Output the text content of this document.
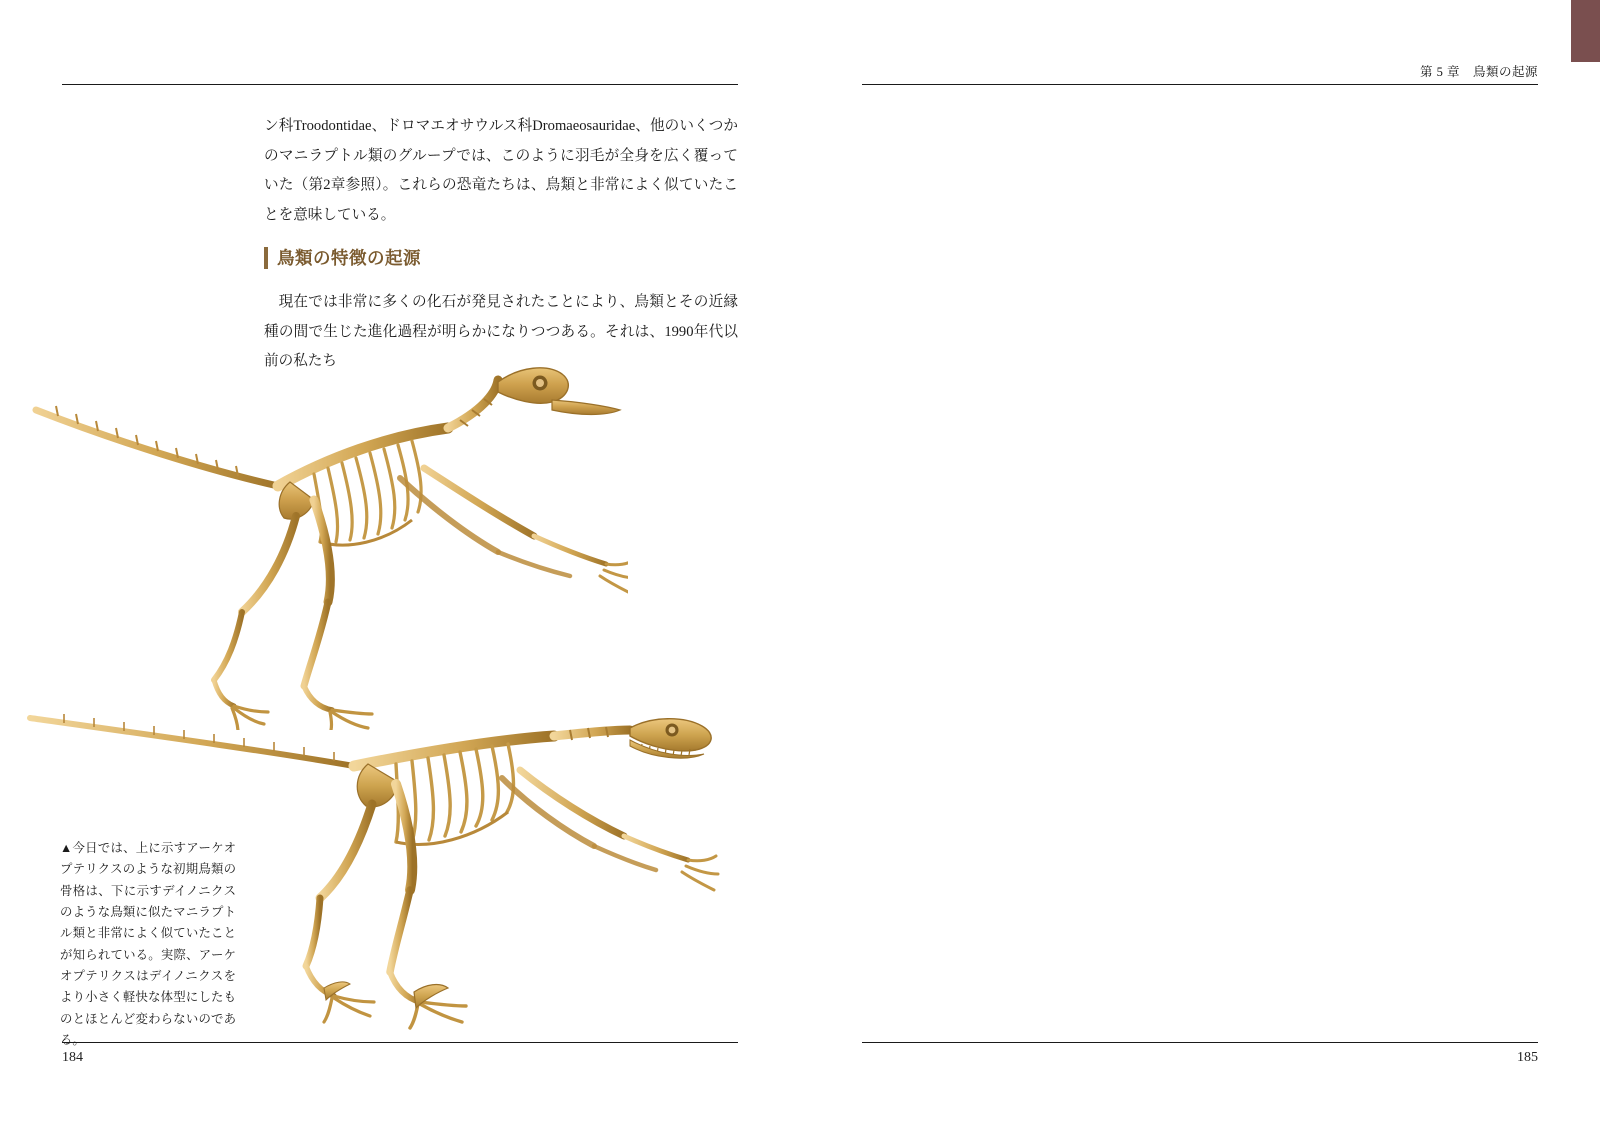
ン科Troodontidae、ドロマエオサウルス科Dromaeosauridae、他のいくつかのマニラプトル類のグループでは、このように羽毛が全身を広く覆っていた（第2章参照）。これらの恐竜たちは、鳥類と非常によく似ていたことを意味している。

鳥類の特徴の起源

現在では非常に多くの化石が発見されたことにより、鳥類とその近縁種の間で生じた進化過程が明らかになりつつある。それは、1990年代以前の私たち

▲今日では、上に示すアーケオプテリクスのような初期鳥類の骨格は、下に示すデイノニクスのような鳥類に似たマニラプトル類と非常によく似ていたことが知られている。実際、アーケオプテリクスはデイノニクスをより小さく軽快な体型にしたものとほとんど変わらないのである。
184
第 5 章　鳥類の起源

185
